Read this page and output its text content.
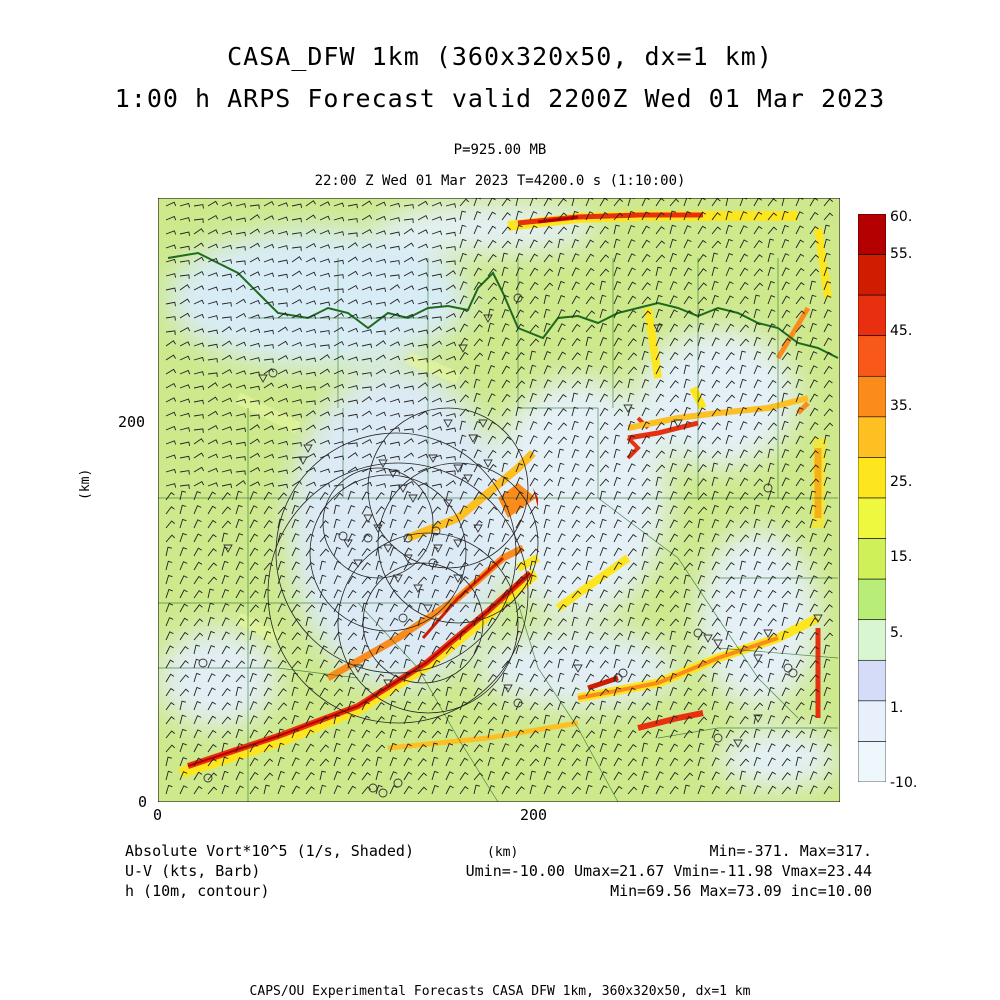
CASA_DFW 1km (360x320x50, dx=1 km)
1:00 h ARPS Forecast valid 2200Z Wed 01 Mar 2023
P=925.00 MB
22:00 Z Wed 01 Mar 2023 T=4200.0 s (1:10:00)
200
0
0	200
(km)
(km)
60.
55.
45.
35.
25.
15.
5.
1.
-10.
Absolute Vort*10^5 (1/s, Shaded)
U-V (kts, Barb)
h (10m, contour)
Min=-371. Max=317.
Umin=-10.00 Umax=21.67 Vmin=-11.98 Vmax=23.44
Min=69.56 Max=73.09 inc=10.00
CAPS/OU Experimental Forecasts CASA DFW 1km, 360x320x50, dx=1 km
